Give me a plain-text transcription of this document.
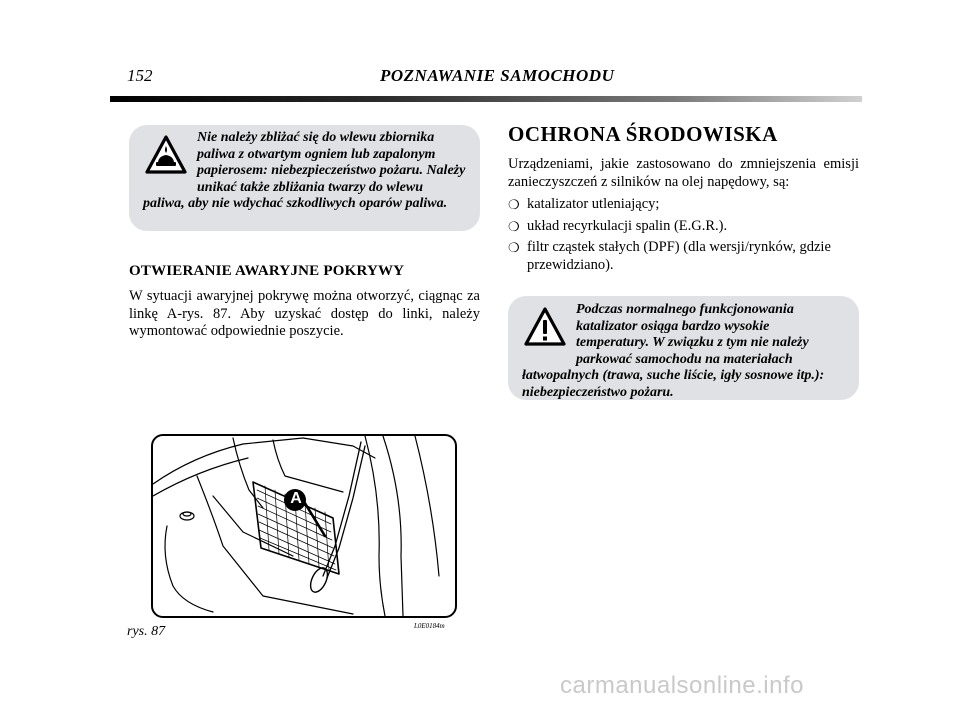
152	POZNAWANIE SAMOCHODU

Nie należy zbliżać się do wlewu zbiornika paliwa z otwartym ogniem lub zapalonym papierosem: niebezpieczeństwo pożaru. Należy unikać także zbliżania twarzy do wlewu paliwa, aby nie wdychać szkodliwych oparów paliwa.

OTWIERANIE AWARYJNE POKRYWY

W sytuacji awaryjnej pokrywę można otworzyć, ciągnąc za linkę A-rys. 87. Aby uzyskać dostęp do linki, należy wymontować odpowiednie poszycie.

OCHRONA ŚRODOWISKA

Urządzeniami, jakie zastosowano do zmniejszenia emisji zanieczyszczeń z silników na olej napędowy, są:

❍ katalizator utleniający;
❍ układ recyrkulacji spalin (E.G.R.).
❍ filtr cząstek stałych (DPF) (dla wersji/rynków, gdzie przewidziano).

Podczas normalnego funkcjonowania katalizator osiąga bardzo wysokie temperatury. W związku z tym nie należy parkować samochodu na materiałach łatwopalnych (trawa, suche liście, igły sosnowe itp.): niebezpieczeństwo pożaru.

A
rys. 87	L0E0184m
carmanualsonline.info
